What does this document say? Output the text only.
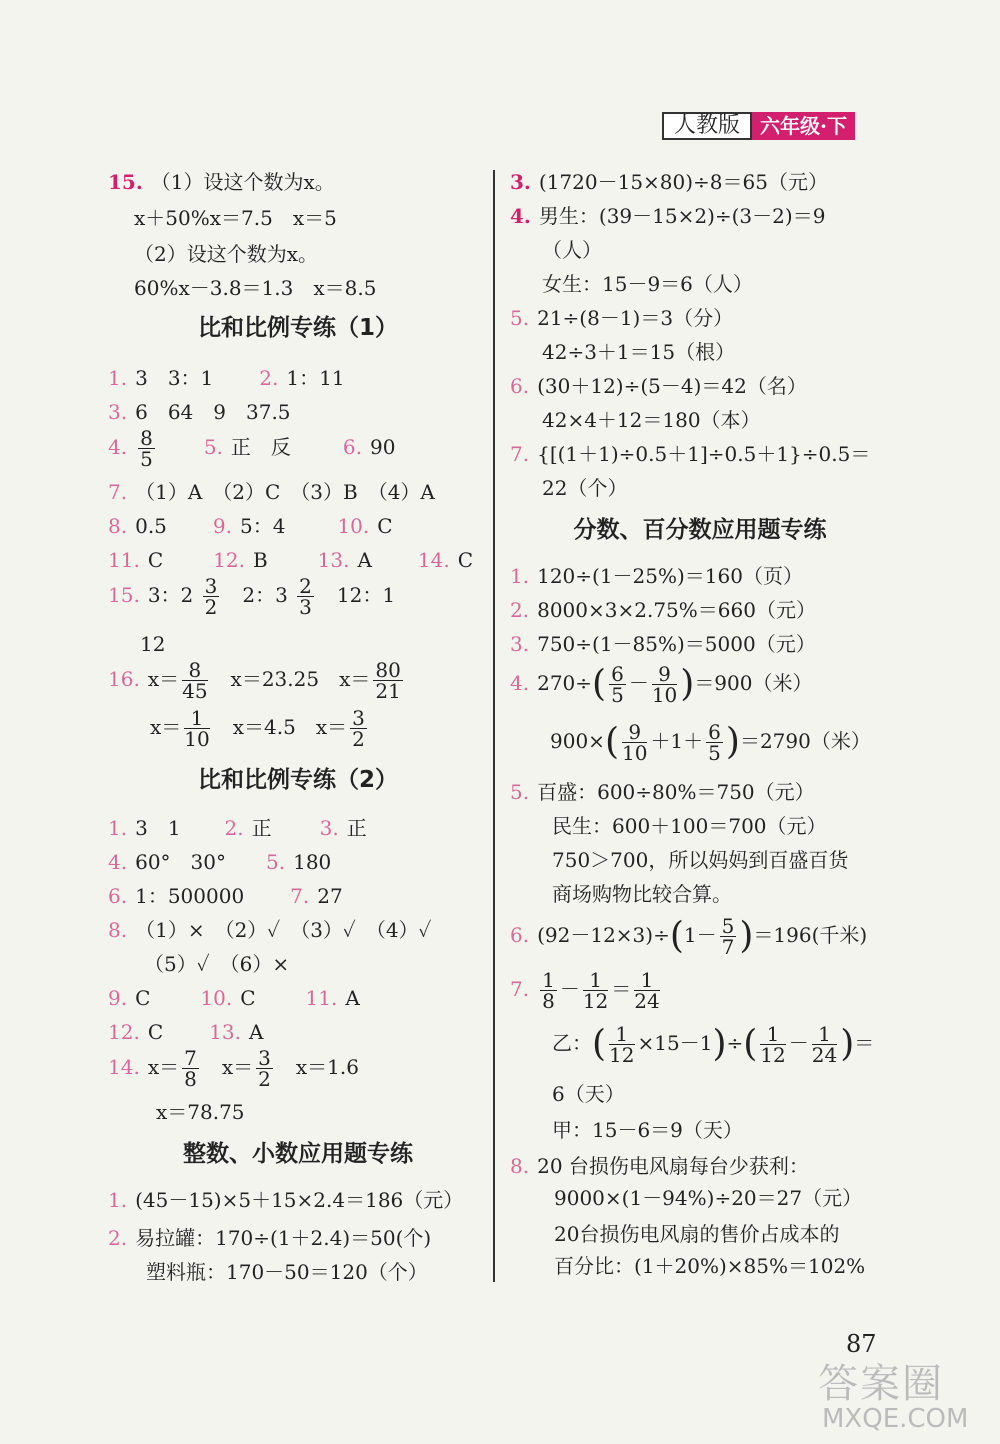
人教版	六年级·下
15. （1）设这个数为x。
x＋50%x＝7.5　x＝5
（2）设这个数为x。
60%x－3.8＝1.3　x＝8.5
比和比例专练（1）
1. 3　3：1 2. 1：11
3. 6　64　9　37.5
4. $\frac{8}{5} 5$. 正　反	6. 90
7. （1）A　（2）C　（3）B　（4）A
8. 0.5 9. 5：4	10. C
11. C	12. B	13. A 14. C
15. 3：$2 \frac{3}{2}$
　 2：$3 \frac{2}{3}$
　 12：1
12
16. $x= \frac{8}{45}$
　 x＝23.25　 $x= \frac{80}{21}$
$x= \frac{1}{10}$
　 x＝4.5　 $x= \frac{3}{2}$
比和比例专练（2）
1. 3　1 2. 正 3. 正
4. 60°　30° 5. 180
6. 1：500000 7. 27
8. （1）×　（2）✓　（3）✓　（4）✓
（5）✓　（6）×
9. C	10. C	11. A
12. C 13. A
14. $x= \frac{7}{8}$
　 $x= \frac{3}{2}$
　 x＝1.6
x＝78.75
整数、小数应用题专练
1. (45－15)×5＋15×2.4＝186（元）
2. 易拉罐：170÷(1＋2.4)＝50(个)
塑料瓶：170－50＝120（个）
3. (1720－15×80)÷8＝65（元）
4. 男生：(39－15×2)÷(3－2)＝9
（人）
女生：15－9＝6（人）
5. 21÷(8－1)＝3（分）
42÷3＋1＝15（根）
6. (30＋12)÷(5－4)＝42（名）
42×4＋12＝180（本）
7. {[(1＋1)÷0.5＋1]÷0.5＋1}÷0.5＝
22（个）
分数、百分数应用题专练
1. 120÷(1－25%)＝160（页）
2. 8000×3×2.75%＝660（元）
3. 750÷(1－85%)＝5000（元）
4. $270\div( \frac{6}{5} - \frac{9}{10} )=900$（米）
$900\times( \frac{9}{10} +1+ \frac{6}{5} )=2790$（米）
5. 百盛：600÷80%＝750（元）
民生：600＋100＝700（元）
750＞700，所以妈妈到百盛百货
商场购物比较合算。
6. $(92-12\times 3)\div(1- \frac{5}{7} )=196$(千米)
7. $\frac{1}{8} - \frac{1}{12} = \frac{1}{24}$
乙：( $\frac{1}{12} \times 15-1)\div( \frac{1}{12} - \frac{1}{24}$ )＝
6（天）
甲：15－6＝9（天）
8. 20 台损伤电风扇每台少获利：
9000×(1－94%)÷20＝27（元）
20台损伤电风扇的售价占成本的
百分比：(1＋20%)×85%＝102%
87
答案圈
MXQE.COM
